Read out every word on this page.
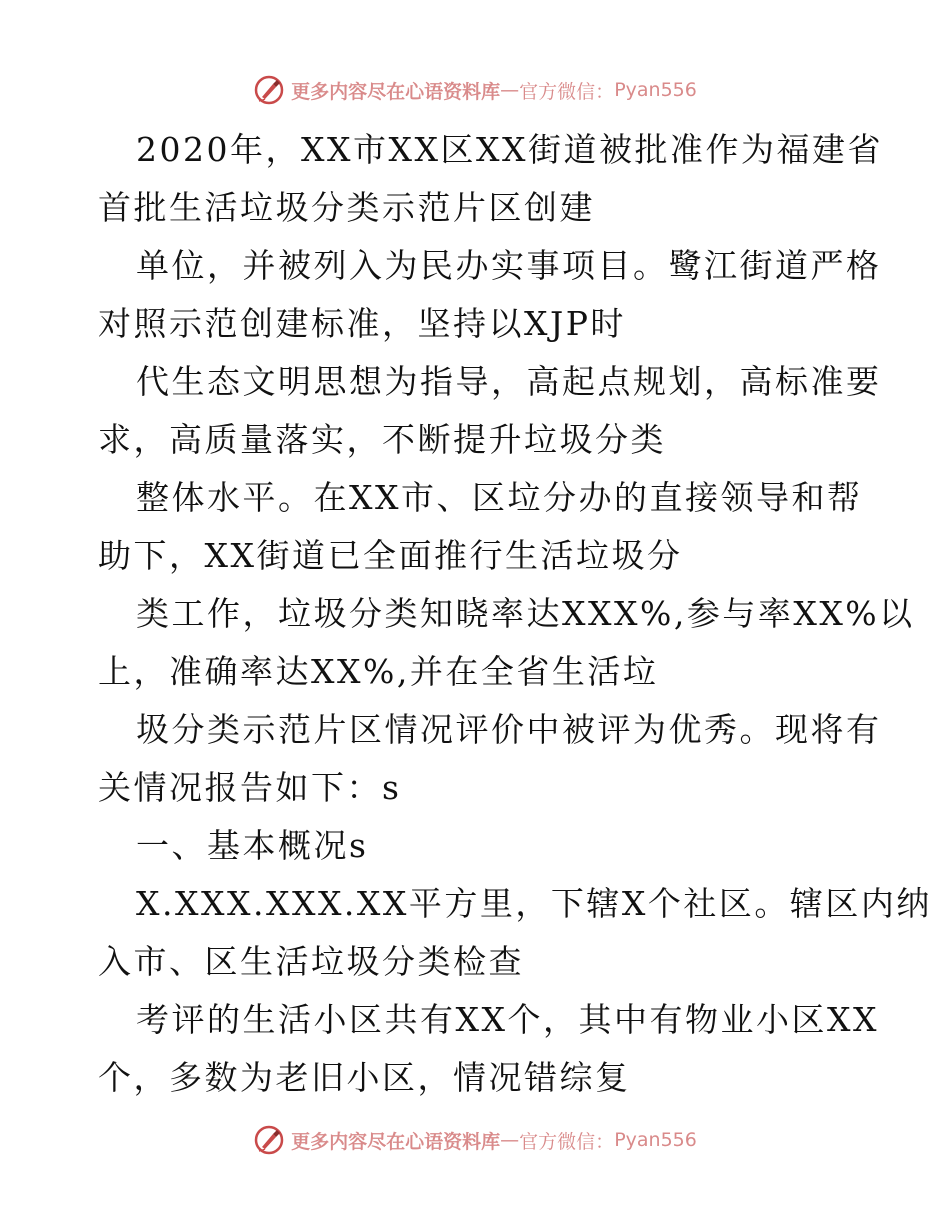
更多内容尽在心语资料库 — 官方微信： Pyan556
2020年，XX市XX区XX街道被批准作为福建省
首批生活垃圾分类示范片区创建
单位，并被列入为民办实事项目。鹭江街道严格
对照示范创建标准，坚持以XJP时
代生态文明思想为指导，高起点规划，高标准要
求，高质量落实，不断提升垃圾分类
整体水平。在XX市、区垃分办的直接领导和帮
助下，XX街道已全面推行生活垃圾分
类工作，垃圾分类知晓率达XXX%,参与率XX%以
上，准确率达XX%,并在全省生活垃
圾分类示范片区情况评价中被评为优秀。现将有
关情况报告如下：s
一、基本概况s
X.XXX.XXX.XX平方里，下辖X个社区。辖区内纳
入市、区生活垃圾分类检查
考评的生活小区共有XX个，其中有物业小区XX
个，多数为老旧小区，情况错综复
更多内容尽在心语资料库 — 官方微信： Pyan556
